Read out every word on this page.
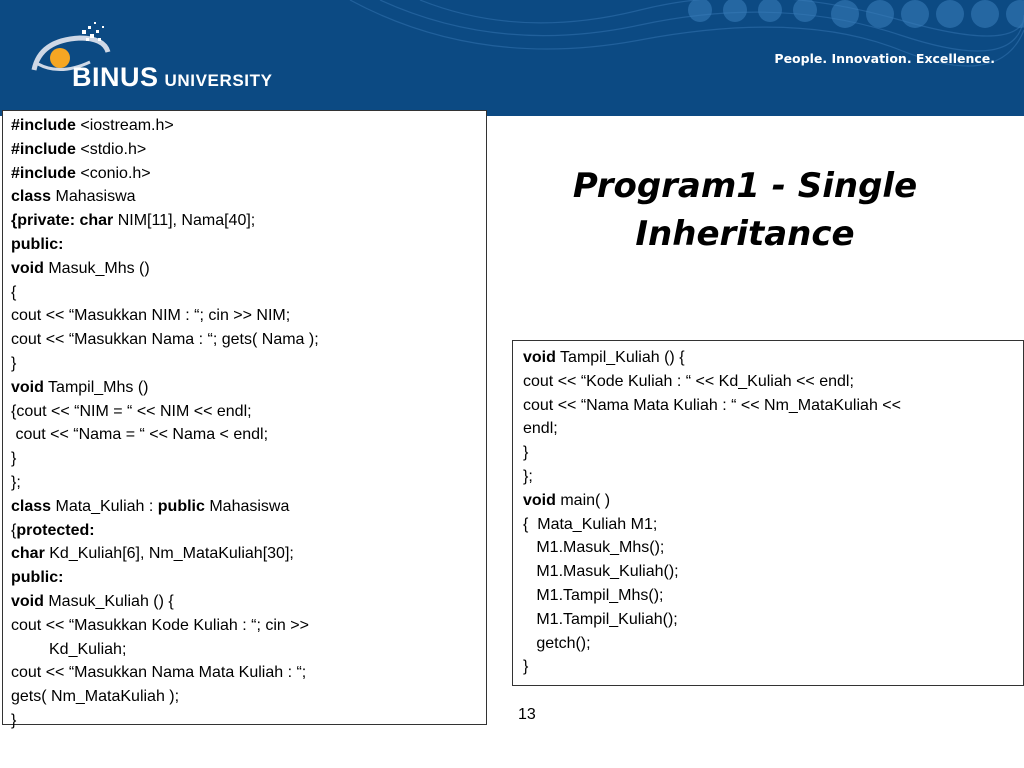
BINUS UNIVERSITY
People. Innovation. Excellence.
#include <iostream.h>
#include <stdio.h>
#include <conio.h>
class Mahasiswa
{private: char NIM[11], Nama[40];
public:
void Masuk_Mhs ()
{
cout << “Masukkan NIM : “; cin >> NIM;
cout << “Masukkan Nama : “; gets( Nama );
}
void Tampil_Mhs ()
{cout << “NIM = “ << NIM << endl;
cout << “Nama = “ << Nama < endl;
}
};
class Mata_Kuliah : public Mahasiswa
{protected:
char Kd_Kuliah[6], Nm_MataKuliah[30];
public:
void Masuk_Kuliah () {
cout << “Masukkan Kode Kuliah : “; cin >>
Kd_Kuliah;
cout << “Masukkan Nama Mata Kuliah : “;
gets( Nm_MataKuliah );
}
Program1 - Single
Inheritance
void Tampil_Kuliah () {
cout << “Kode Kuliah : “ << Kd_Kuliah << endl;
cout << “Nama Mata Kuliah : “ << Nm_MataKuliah <<
endl;
}
};
void main( )
{  Mata_Kuliah M1;
M1.Masuk_Mhs();
M1.Masuk_Kuliah();
M1.Tampil_Mhs();
M1.Tampil_Kuliah();
getch();
}
13
